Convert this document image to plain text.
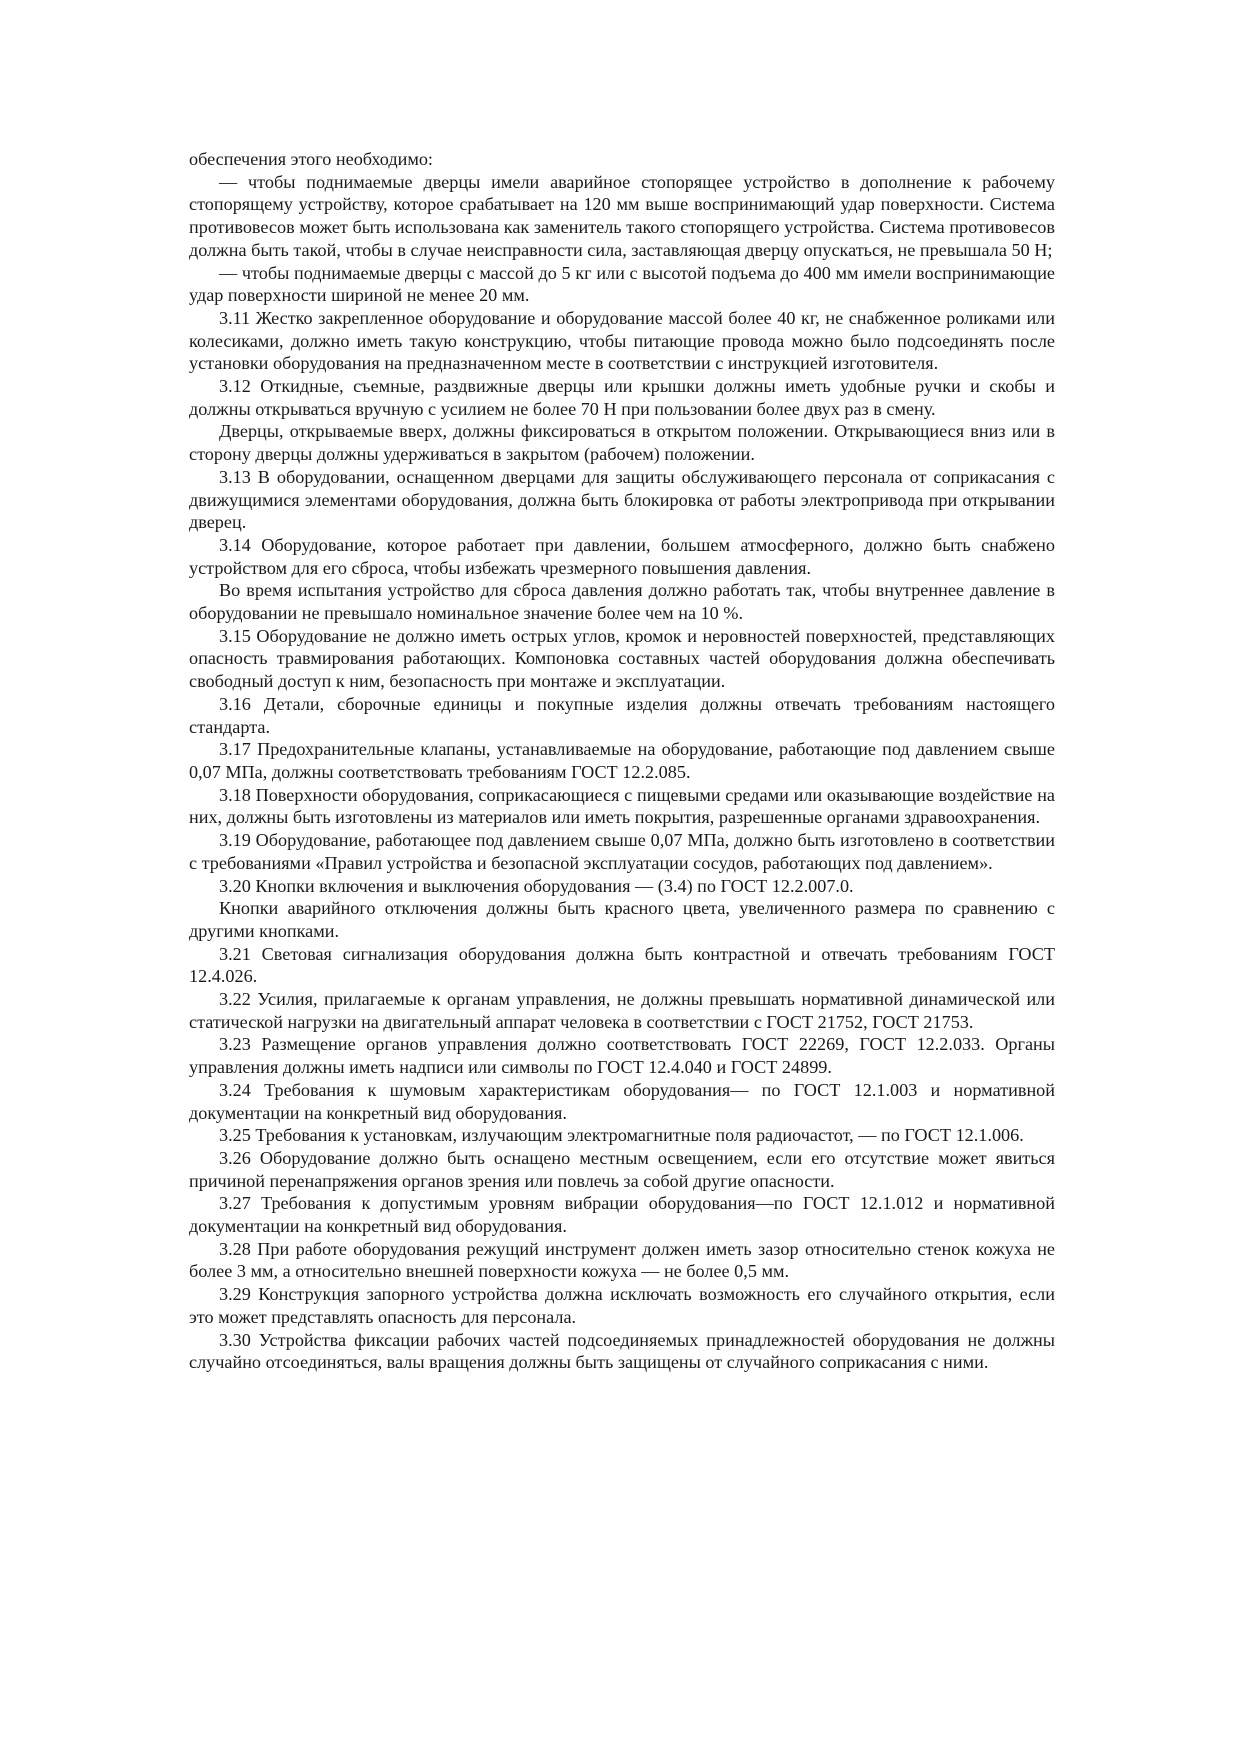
обеспечения этого необходимо:

— чтобы поднимаемые дверцы имели аварийное стопорящее устройство в дополнение к рабочему стопорящему устройству, которое срабатывает на 120 мм выше воспринимающий удар поверхности. Система противовесов может быть использована как заменитель такого стопорящего устройства. Система противовесов должна быть такой, чтобы в случае неисправности сила, заставляющая дверцу опускаться, не превышала 50 Н;

— чтобы поднимаемые дверцы с массой до 5 кг или с высотой подъема до 400 мм имели воспринимающие удар поверхности шириной не менее 20 мм.

3.11 Жестко закрепленное оборудование и оборудование массой более 40 кг, не снабженное роликами или колесиками, должно иметь такую конструкцию, чтобы питающие провода можно было подсоединять после установки оборудования на предназначенном месте в соответствии с инструкцией изготовителя.

3.12 Откидные, съемные, раздвижные дверцы или крышки должны иметь удобные ручки и скобы и должны открываться вручную с усилием не более 70 Н при пользовании более двух раз в смену.

Дверцы, открываемые вверх, должны фиксироваться в открытом положении. Открывающиеся вниз или в сторону дверцы должны удерживаться в закрытом (рабочем) положении.

3.13 В оборудовании, оснащенном дверцами для защиты обслуживающего персонала от соприкасания с движущимися элементами оборудования, должна быть блокировка от работы электропривода при открывании дверец.

3.14 Оборудование, которое работает при давлении, большем атмосферного, должно быть снабжено устройством для его сброса, чтобы избежать чрезмерного повышения давления.

Во время испытания устройство для сброса давления должно работать так, чтобы внутреннее давление в оборудовании не превышало номинальное значение более чем на 10 %.

3.15 Оборудование не должно иметь острых углов, кромок и неровностей поверхностей, представляющих опасность травмирования работающих. Компоновка составных частей оборудования должна обеспечивать свободный доступ к ним, безопасность при монтаже и эксплуатации.

3.16 Детали, сборочные единицы и покупные изделия должны отвечать требованиям настоящего стандарта.

3.17 Предохранительные клапаны, устанавливаемые на оборудование, работающие под давлением свыше 0,07 МПа, должны соответствовать требованиям ГОСТ 12.2.085.

3.18 Поверхности оборудования, соприкасающиеся с пищевыми средами или оказывающие воздействие на них, должны быть изготовлены из материалов или иметь покрытия, разрешенные органами здравоохранения.

3.19 Оборудование, работающее под давлением свыше 0,07 МПа, должно быть изготовлено в соответствии с требованиями «Правил устройства и безопасной эксплуатации сосудов, работающих под давлением».

3.20 Кнопки включения и выключения оборудования — (3.4) по ГОСТ 12.2.007.0.

Кнопки аварийного отключения должны быть красного цвета, увеличенного размера по сравнению с другими кнопками.

3.21 Световая сигнализация оборудования должна быть контрастной и отвечать требованиям ГОСТ 12.4.026.

3.22 Усилия, прилагаемые к органам управления, не должны превышать нормативной динамической или статической нагрузки на двигательный аппарат человека в соответствии с ГОСТ 21752, ГОСТ 21753.

3.23 Размещение органов управления должно соответствовать ГОСТ 22269, ГОСТ 12.2.033. Органы управления должны иметь надписи или символы по ГОСТ 12.4.040 и ГОСТ 24899.

3.24 Требования к шумовым характеристикам оборудования— по ГОСТ 12.1.003 и нормативной документации на конкретный вид оборудования.

3.25 Требования к установкам, излучающим электромагнитные поля радиочастот, — по ГОСТ 12.1.006.

3.26 Оборудование должно быть оснащено местным освещением, если его отсутствие может явиться причиной перенапряжения органов зрения или повлечь за собой другие опасности.

3.27 Требования к допустимым уровням вибрации оборудования—по ГОСТ 12.1.012 и нормативной документации на конкретный вид оборудования.

3.28 При работе оборудования режущий инструмент должен иметь зазор относительно стенок кожуха не более 3 мм, а относительно внешней поверхности кожуха — не более 0,5 мм.

3.29 Конструкция запорного устройства должна исключать возможность его случайного открытия, если это может представлять опасность для персонала.

3.30 Устройства фиксации рабочих частей подсоединяемых принадлежностей оборудования не должны случайно отсоединяться, валы вращения должны быть защищены от случайного соприкасания с ними.
